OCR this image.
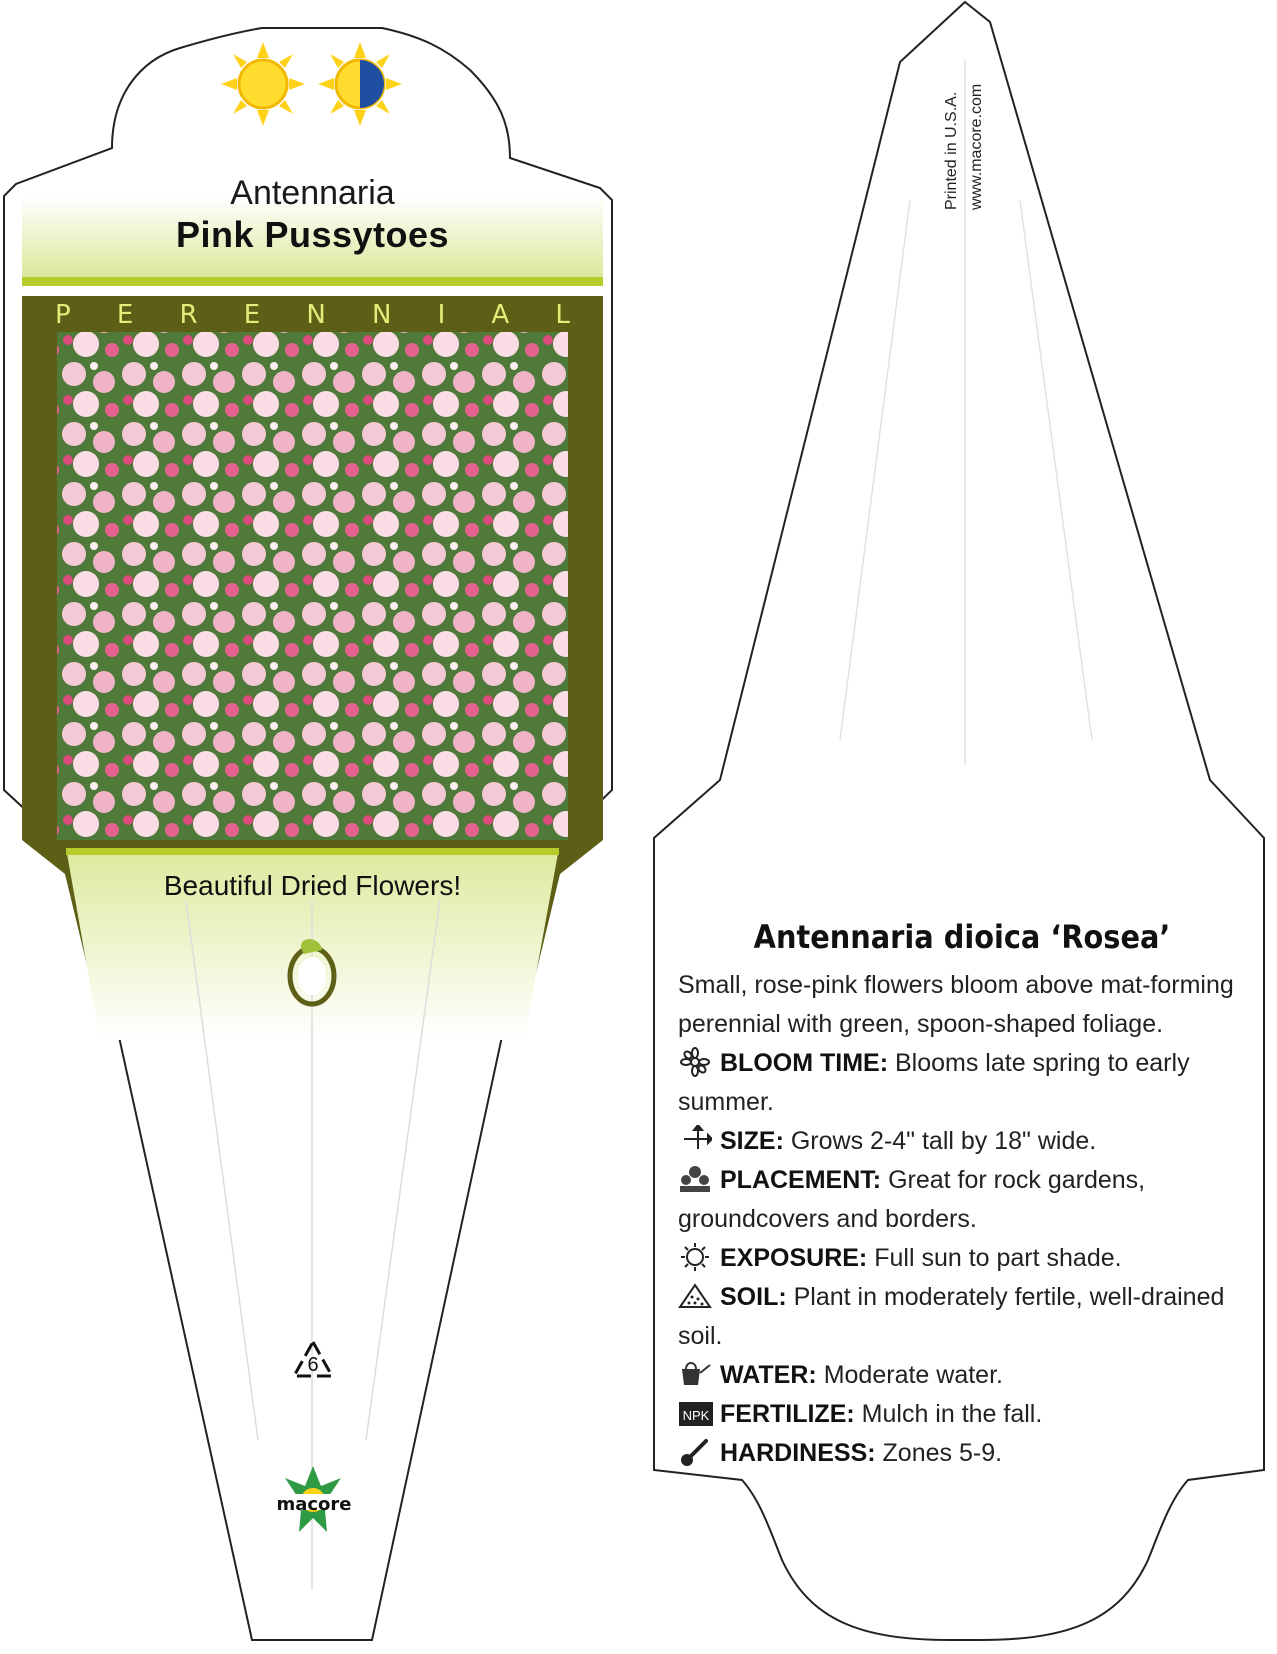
Antennaria
Pink Pussytoes
P E R E N N I A L
Beautiful Dried Flowers!
6
macore
Printed in U.S.A. www.macore.com
Antennaria dioica ‘Rosea’

Small, rose-pink flowers bloom above mat-forming perennial with green, spoon-shaped foliage.

BLOOM TIME: Blooms late spring to early summer.

SIZE: Grows 2-4" tall by 18" wide.

PLACEMENT: Great for rock gardens, groundcovers and borders.

EXPOSURE: Full sun to part shade.

SOIL: Plant in moderately fertile, well-drained soil.

WATER: Moderate water.

NPK FERTILIZE: Mulch in the fall.

HARDINESS: Zones 5-9.
